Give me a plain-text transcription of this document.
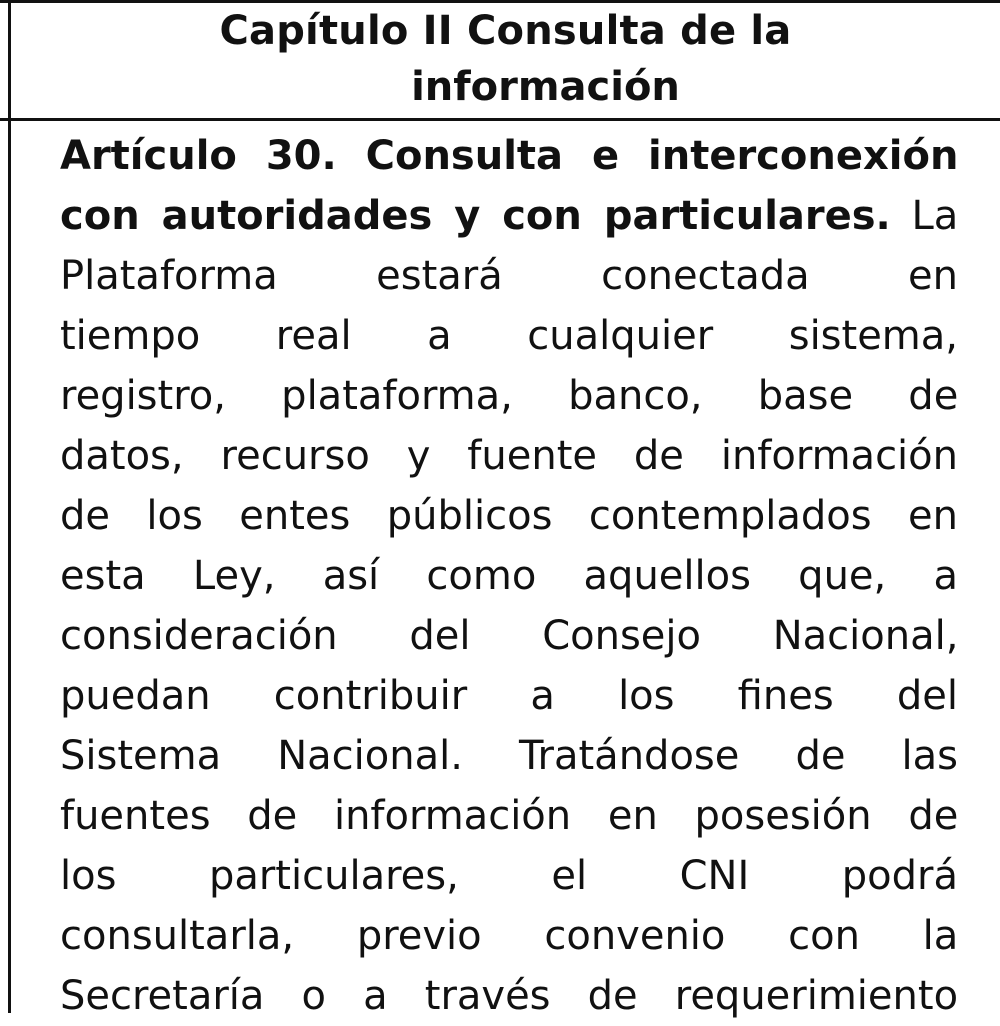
Capítulo II Consulta de la
información
Artículo 30. Consulta e interconexión
con autoridades y con particulares. La
Plataforma estará conectada en
tiempo real a cualquier sistema,
registro, plataforma, banco, base de
datos, recurso y fuente de información
de los entes públicos contemplados en
esta Ley, así como aquellos que, a
consideración del Consejo Nacional,
puedan contribuir a los fines del
Sistema Nacional. Tratándose de las
fuentes de información en posesión de
los particulares, el CNI podrá
consultarla, previo convenio con la
Secretaría o a través de requerimiento
